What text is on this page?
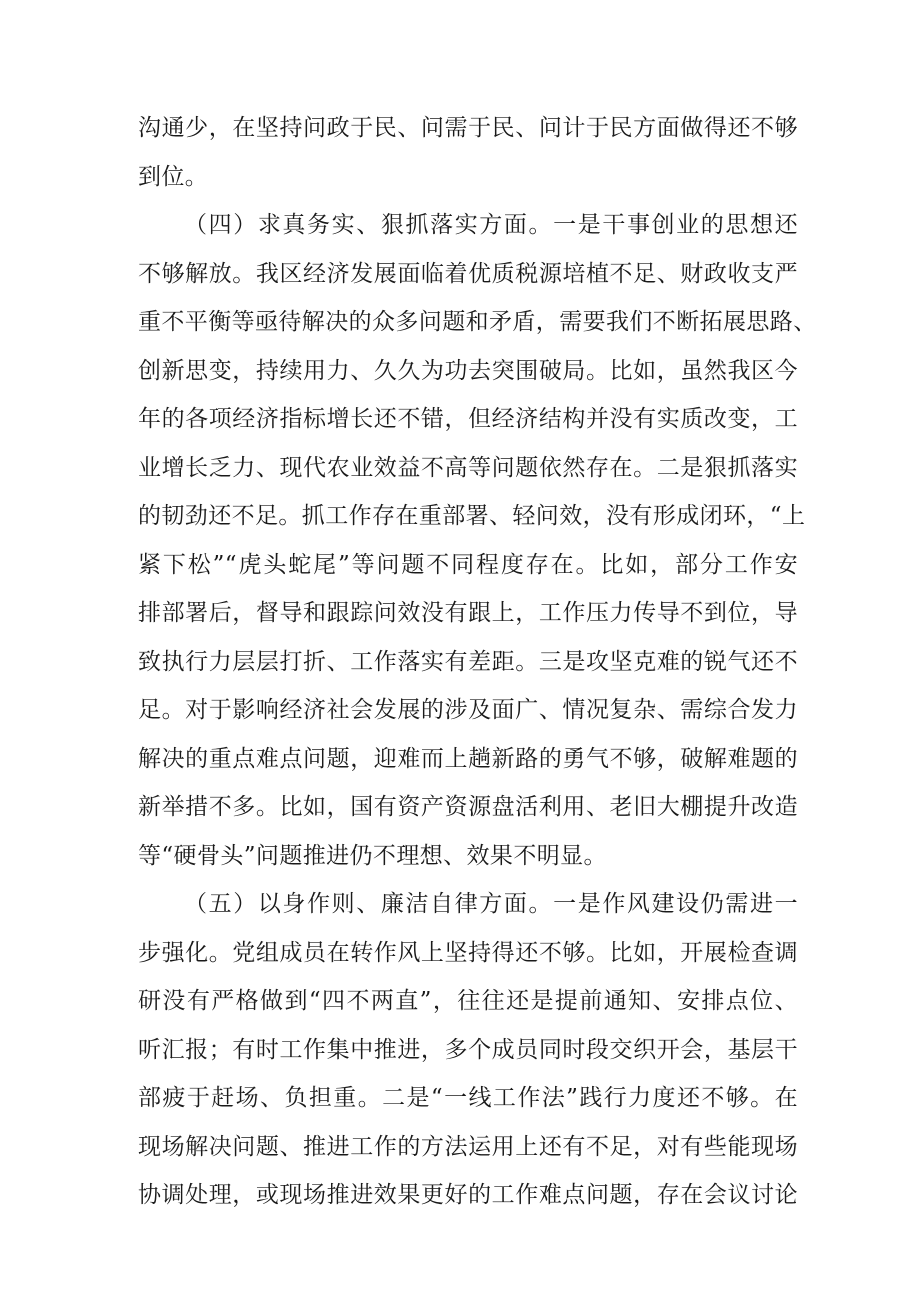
沟通少，在坚持问政于民、问需于民、问计于民方面做得还不够
到位。
（四）求真务实、狠抓落实方面。一是干事创业的思想还
不够解放。我区经济发展面临着优质税源培植不足、财政收支严
重不平衡等亟待解决的众多问题和矛盾，需要我们不断拓展思路、
创新思变，持续用力、久久为功去突围破局。比如，虽然我区今
年的各项经济指标增长还不错，但经济结构并没有实质改变，工
业增长乏力、现代农业效益不高等问题依然存在。二是狠抓落实
的韧劲还不足。抓工作存在重部署、轻问效，没有形成闭环，“上
紧下松”“虎头蛇尾”等问题不同程度存在。比如，部分工作安
排部署后，督导和跟踪问效没有跟上，工作压力传导不到位，导
致执行力层层打折、工作落实有差距。三是攻坚克难的锐气还不
足。对于影响经济社会发展的涉及面广、情况复杂、需综合发力
解决的重点难点问题，迎难而上趟新路的勇气不够，破解难题的
新举措不多。比如，国有资产资源盘活利用、老旧大棚提升改造
等“硬骨头”问题推进仍不理想、效果不明显。
（五）以身作则、廉洁自律方面。一是作风建设仍需进一
步强化。党组成员在转作风上坚持得还不够。比如，开展检查调
研没有严格做到“四不两直”，往往还是提前通知、安排点位、
听汇报；有时工作集中推进，多个成员同时段交织开会，基层干
部疲于赶场、负担重。二是“一线工作法”践行力度还不够。在
现场解决问题、推进工作的方法运用上还有不足，对有些能现场
协调处理，或现场推进效果更好的工作难点问题，存在会议讨论
